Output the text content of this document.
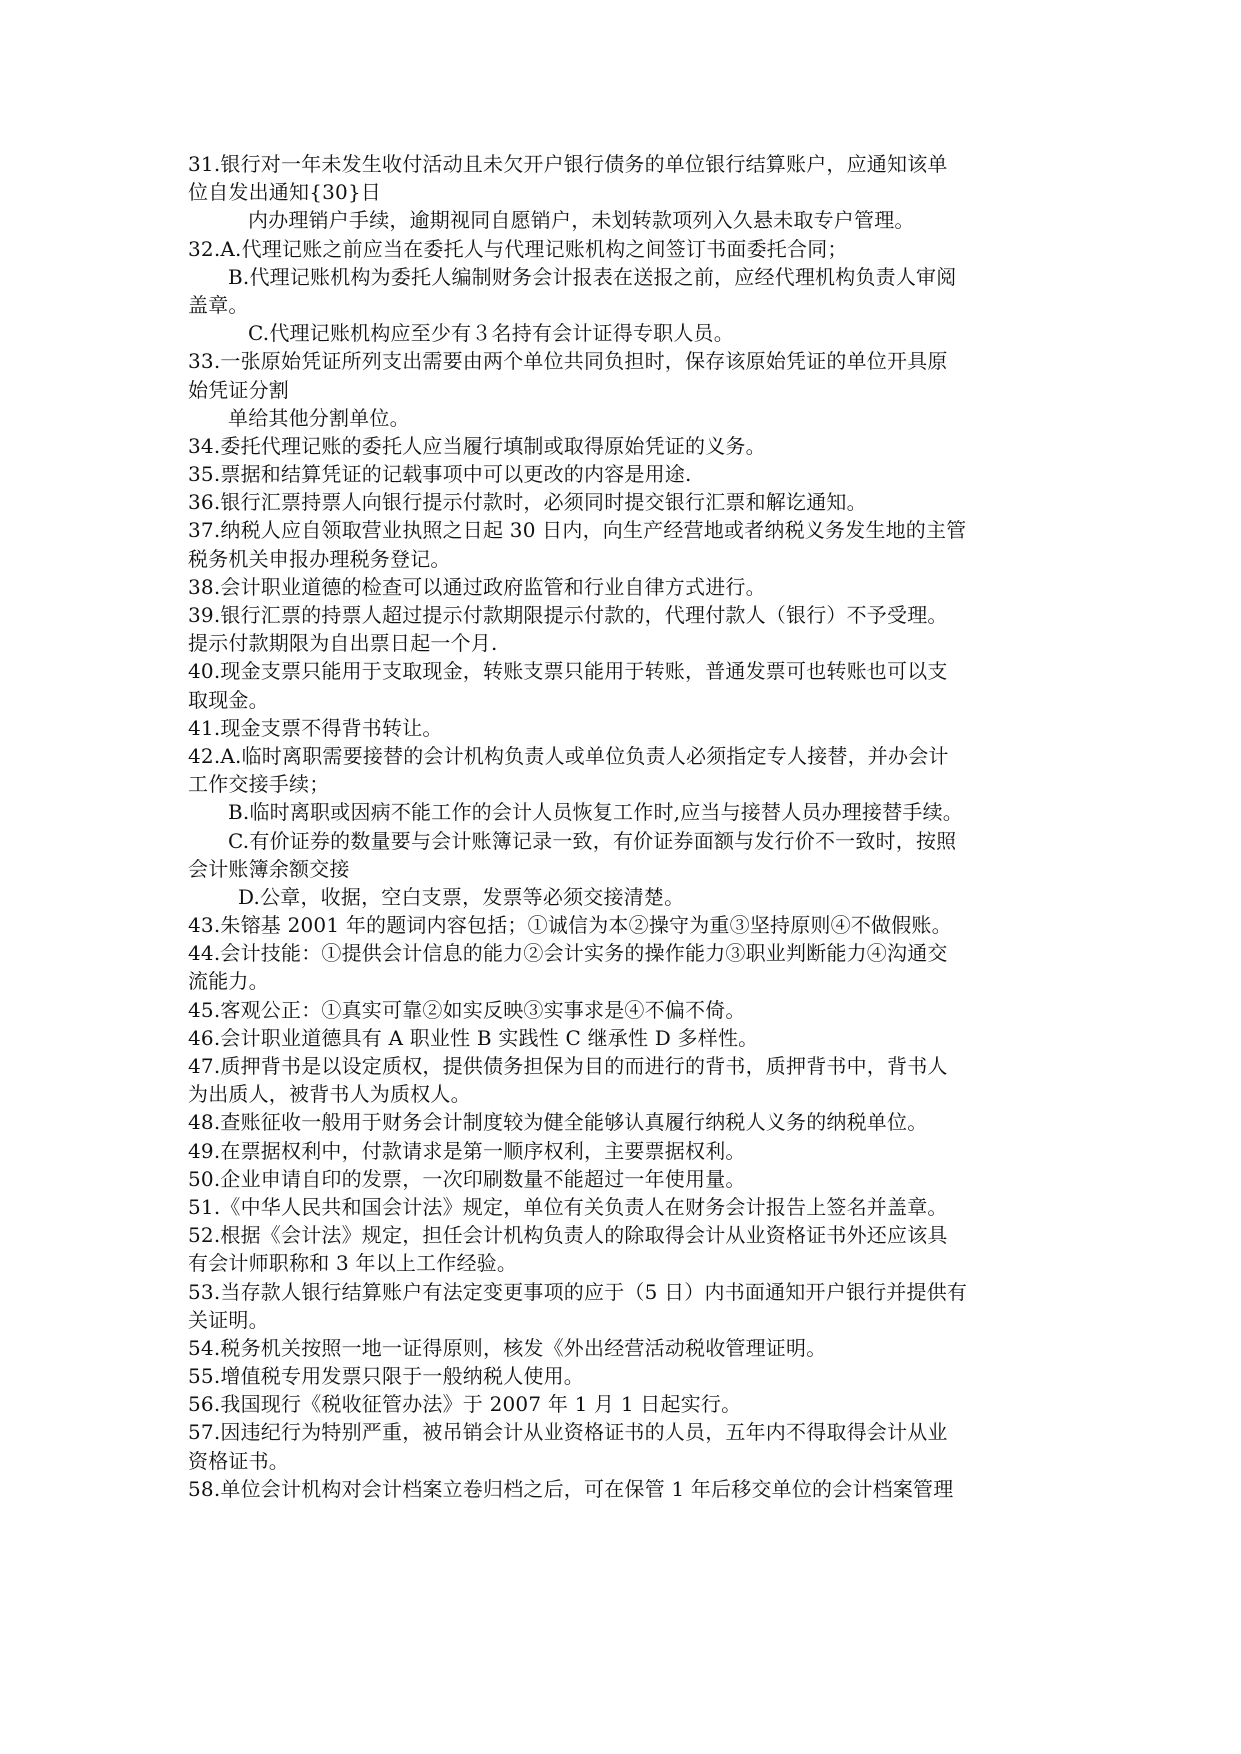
31.银行对一年未发生收付活动且未欠开户银行债务的单位银行结算账户，应通知该单
位自发出通知{30}日
内办理销户手续，逾期视同自愿销户，未划转款项列入久悬未取专户管理。
32.A.代理记账之前应当在委托人与代理记账机构之间签订书面委托合同；
B.代理记账机构为委托人编制财务会计报表在送报之前，应经代理机构负责人审阅
盖章。
C.代理记账机构应至少有３名持有会计证得专职人员。
33.一张原始凭证所列支出需要由两个单位共同负担时，保存该原始凭证的单位开具原
始凭证分割
单给其他分割单位。
34.委托代理记账的委托人应当履行填制或取得原始凭证的义务。
35.票据和结算凭证的记载事项中可以更改的内容是用途.
36.银行汇票持票人向银行提示付款时，必须同时提交银行汇票和解讫通知。
37.纳税人应自领取营业执照之日起 30 日内，向生产经营地或者纳税义务发生地的主管
税务机关申报办理税务登记。
38.会计职业道德的检查可以通过政府监管和行业自律方式进行。
39.银行汇票的持票人超过提示付款期限提示付款的，代理付款人（银行）不予受理。
提示付款期限为自出票日起一个月.
40.现金支票只能用于支取现金，转账支票只能用于转账，普通发票可也转账也可以支
取现金。
41.现金支票不得背书转让。
42.A.临时离职需要接替的会计机构负责人或单位负责人必须指定专人接替，并办会计
工作交接手续；
B.临时离职或因病不能工作的会计人员恢复工作时,应当与接替人员办理接替手续。
C.有价证券的数量要与会计账簿记录一致，有价证券面额与发行价不一致时，按照
会计账簿余额交接
D.公章，收据，空白支票，发票等必须交接清楚。
43.朱镕基 2001 年的题词内容包括；①诚信为本②操守为重③坚持原则④不做假账。
44.会计技能：①提供会计信息的能力②会计实务的操作能力③职业判断能力④沟通交
流能力。
45.客观公正：①真实可靠②如实反映③实事求是④不偏不倚。
46.会计职业道德具有 A 职业性 B 实践性 C 继承性 D 多样性。
47.质押背书是以设定质权，提供债务担保为目的而进行的背书，质押背书中，背书人
为出质人，被背书人为质权人。
48.查账征收一般用于财务会计制度较为健全能够认真履行纳税人义务的纳税单位。
49.在票据权利中，付款请求是第一顺序权利，主要票据权利。
50.企业申请自印的发票，一次印刷数量不能超过一年使用量。
51.《中华人民共和国会计法》规定，单位有关负责人在财务会计报告上签名并盖章。
52.根据《会计法》规定，担任会计机构负责人的除取得会计从业资格证书外还应该具
有会计师职称和 3 年以上工作经验。
53.当存款人银行结算账户有法定变更事项的应于（5 日）内书面通知开户银行并提供有
关证明。
54.税务机关按照一地一证得原则，核发《外出经营活动税收管理证明。
55.增值税专用发票只限于一般纳税人使用。
56.我国现行《税收征管办法》于 2007 年 1 月 1 日起实行。
57.因违纪行为特别严重，被吊销会计从业资格证书的人员，五年内不得取得会计从业
资格证书。
58.单位会计机构对会计档案立卷归档之后，可在保管 1 年后移交单位的会计档案管理
